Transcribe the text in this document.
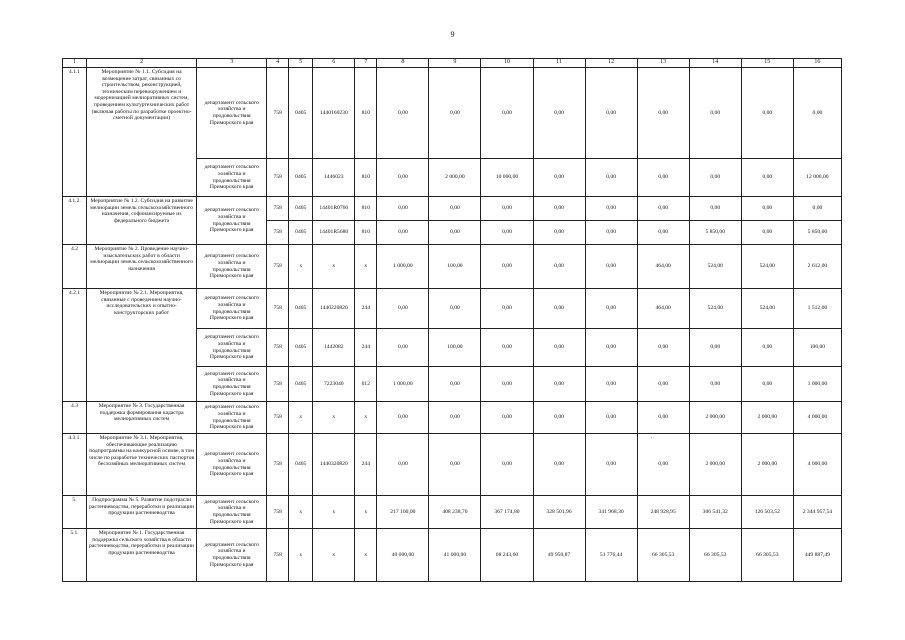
9
1	2	3	4	5	6	7	8	9	10	11	12	13	14	15	16
4.1.1	Мероприятие № 1.1. Субсидия на возмещение затрат, связанных со строительством, реконструкцией, техническим перевооружением и модернизацией мелиоративных систем, проведением культуртехнических работ (включая работы по разработке проектно-сметной документации)	департамент сельского хозяйства и продовольствия Приморского края	758	0405	1440160230	810	0,00	0,00	0,00	0,00	0,00	0,00	0,00	0,00	0,00
		департамент сельского хозяйства и продовольствия Приморского края	758	0405	1446023	810	0,00	2 000,00	10 000,00	0,00	0,00	0,00	0,00	0,00	12 000,00
4.1.2.	Мероприятие № 1.2. Субсидия на развитие мелиорации земель сельскохозяйственного назначения, софинансируемые из федерального бюджета	департамент сельского хозяйства и продовольствия Приморского края	758	0405	14401R0760	810	0,00	0,00	0,00	0,00	0,00	0,00	0,00	0,00	0,00
			758	0405	14401R5680	810	0,00	0,00	0,00	0,00	0,00	0,00	5 850,00	0,00	5 850,00
4.2	Мероприятие № 2. Проведение научно-изыскательских работ в области мелиорации земель сельскохозяйственного назначения	департамент сельского хозяйства и продовольствия Приморского края	758	х	х	х	1 000,00	100,00	0,00	0,00	0,00	464,00	524,00	524,00	2 612,00
4.2.1	Мероприятие № 2.1. Мероприятия, связанные с проведением научно-исследовательских и опытно-конструкторских работ	департамент сельского хозяйства и продовольствия Приморского края	758	0405	1440220820	244	0,00	0,00	0,00	0,00	0,00	464,00	524,00	524,00	1 512,00
		департамент сельского хозяйства и продовольствия Приморского края	758	0405	1442082	244	0,00	100,00	0,00	0,00	0,00	0,00	0,00	0,00	100,00
		департамент сельского хозяйства и продовольствия Приморского края	758	0405	7223040	012	1 000,00	0,00	0,00	0,00	0,00	0,00	0,00	0,00	1 000,00
4.3	Мероприятие № 3. Государственная поддержка формирования кадастра мелиоративных систем	департамент сельского хозяйства и продовольствия Приморского края	758	х	х	х	0,00	0,00	0,00	0,00	0,00	0,00	2 000,00	2 000,00	4 000,00
4.3.1.	Мероприятие № 3.1. Мероприятия, обеспечивающие реализацию подпрограммы на конкурсной основе, в том числе по разработке технических паспортов бесхозяйных мелиоративных систем	департамент сельского хозяйства и продовольствия Приморского края	758	0405	1440320820	244	0,00	0,00	0,00	0,00	0,00	0,00	2 000,00	2 000,00	4 000,00
5.	Подпрограмма № 5. Развитие подотрасли растениеводства, переработки и реализации продукции растениеводства	департамент сельского хозяйства и продовольствия Приморского края	758	х	х	х	217 100,00	408 238,70	367 174,80	328 501,96	341 968,30	248 928,95	306 541,32	126 503,52	2 344 957,54
5.1.	Мероприятие № 1. Государственная поддержка сельского хозяйства в области растениеводства, переработки и реализации продукции растениеводства	департамент сельского хозяйства и продовольствия Приморского края	758	х	х	х	40 000,00	41 000,00	68 243,60	49 950,87	51 776,44	66 305,53	66 305,53	66 305,53	449 887,49
.
